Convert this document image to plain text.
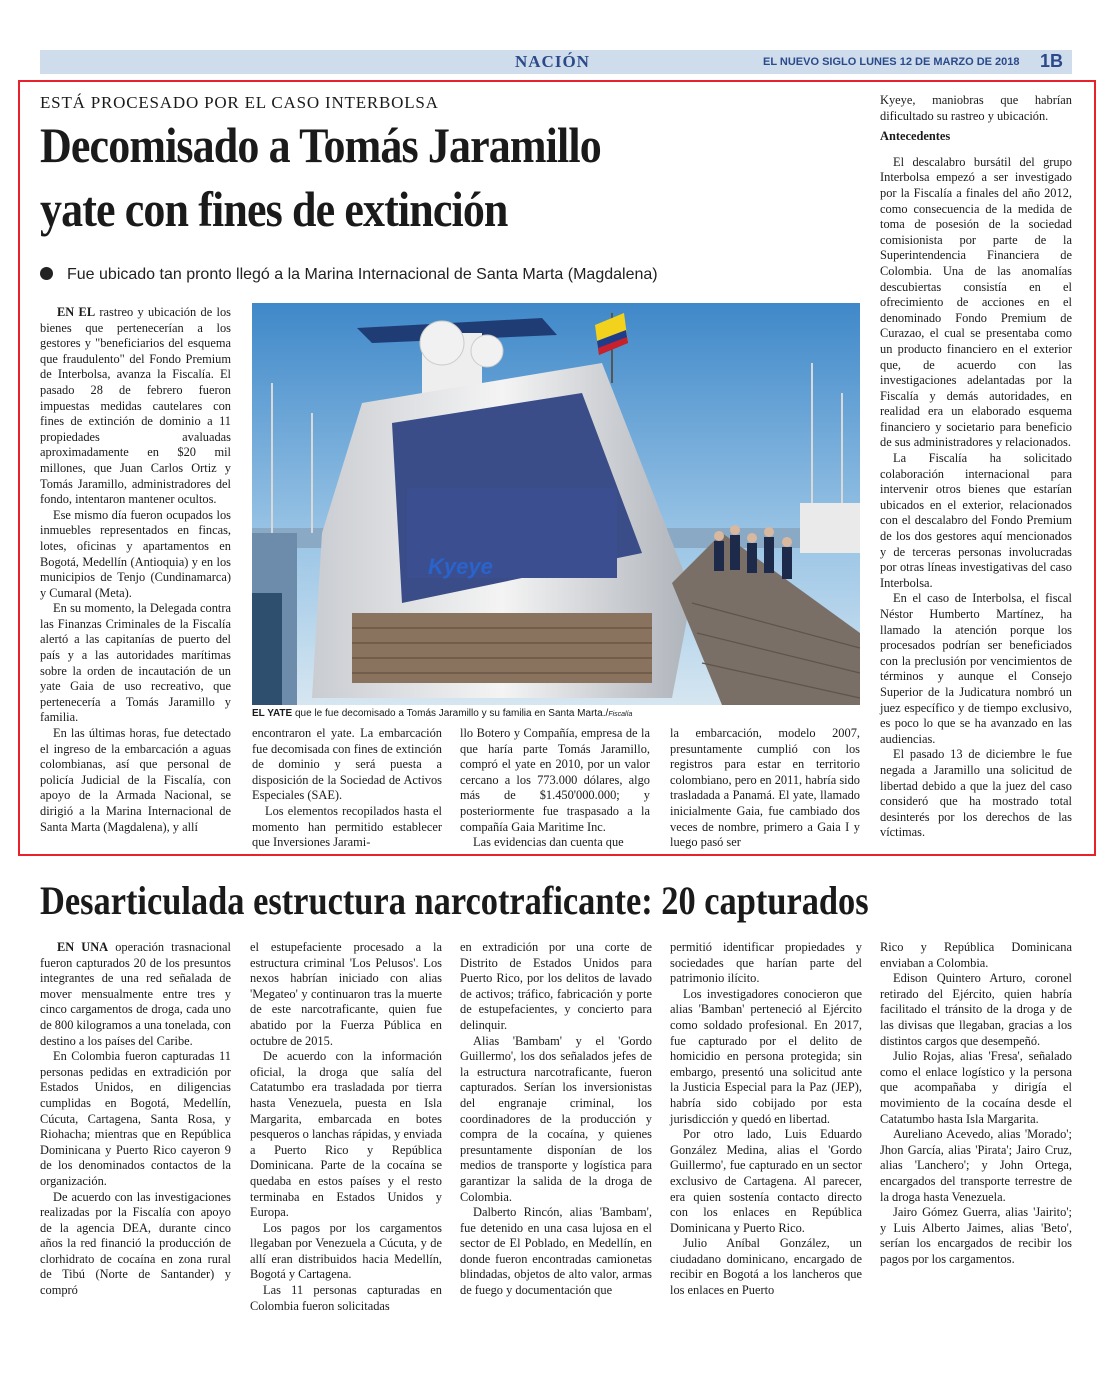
NACIÓN	EL NUEVO SIGLO LUNES 12 DE MARZO DE 2018 1B
ESTÁ PROCESADO POR EL CASO INTERBOLSA
Decomisado a Tomás Jaramillo
yate con fines de extinción
Fue ubicado tan pronto llegó a la Marina Internacional de Santa Marta (Magdalena)

EN EL rastreo y ubicación de los bienes que pertenecerían a los gestores y "beneficiarios del esquema que fraudulento" del Fondo Premium de Interbolsa, avanza la Fiscalía. El pasado 28 de febrero fueron impuestas medidas cautelares con fines de extinción de dominio a 11 propiedades avaluadas aproximadamente en $20 mil millones, que Juan Carlos Ortiz y Tomás Jaramillo, administradores del fondo, intentaron mantener ocultos.

Ese mismo día fueron ocupados los inmuebles representados en fincas, lotes, oficinas y apartamentos en Bogotá, Medellín (Antioquia) y en los municipios de Tenjo (Cundinamarca) y Cumaral (Meta).

En su momento, la Delegada contra las Finanzas Criminales de la Fiscalía alertó a las capitanías de puerto del país y a las autoridades marítimas sobre la orden de incautación de un yate Gaia de uso recreativo, que pertenecería a Tomás Jaramillo y familia.

En las últimas horas, fue detectado el ingreso de la embarcación a aguas colombianas, así que personal de policía Judicial de la Fiscalía, con apoyo de la Armada Nacional, se dirigió a la Marina Internacional de Santa Marta (Magdalena), y allí

Kyeye
EL YATE que le fue decomisado a Tomás Jaramillo y su familia en Santa Marta./Fiscalía

encontraron el yate. La embarcación fue decomisada con fines de extinción de dominio y será puesta a disposición de la Sociedad de Activos Especiales (SAE).

Los elementos recopilados hasta el momento han permitido establecer que Inversiones Jarami-

llo Botero y Compañía, empresa de la que haría parte Tomás Jaramillo, compró el yate en 2010, por un valor cercano a los 773.000 dólares, algo más de $1.450'000.000; y posteriormente fue traspasado a la compañía Gaia Maritime Inc.

Las evidencias dan cuenta que

la embarcación, modelo 2007, presuntamente cumplió con los registros para estar en territorio colombiano, pero en 2011, habría sido trasladada a Panamá. El yate, llamado inicialmente Gaia, fue cambiado dos veces de nombre, primero a Gaia I y luego pasó ser

Kyeye, maniobras que habrían dificultado su rastreo y ubicación.

Antecedentes

El descalabro bursátil del grupo Interbolsa empezó a ser investigado por la Fiscalía a finales del año 2012, como consecuencia de la medida de toma de posesión de la sociedad comisionista por parte de la Superintendencia Financiera de Colombia. Una de las anomalías descubiertas consistía en el ofrecimiento de acciones en el denominado Fondo Premium de Curazao, el cual se presentaba como un producto financiero en el exterior que, de acuerdo con las investigaciones adelantadas por la Fiscalía y demás autoridades, en realidad era un elaborado esquema financiero y societario para beneficio de sus administradores y relacionados.

La Fiscalía ha solicitado colaboración internacional para intervenir otros bienes que estarían ubicados en el exterior, relacionados con el descalabro del Fondo Premium de los dos gestores aquí mencionados y de terceras personas involucradas por otras líneas investigativas del caso Interbolsa.

En el caso de Interbolsa, el fiscal Néstor Humberto Martínez, ha llamado la atención porque los procesados podrían ser beneficiados con la preclusión por vencimientos de términos y aunque el Consejo Superior de la Judicatura nombró un juez específico y de tiempo exclusivo, es poco lo que se ha avanzado en las audiencias.

El pasado 13 de diciembre le fue negada a Jaramillo una solicitud de libertad debido a que la juez del caso consideró que ha mostrado total desinterés por los derechos de las víctimas.

Desarticulada estructura narcotraficante: 20 capturados

EN UNA operación trasnacional fueron capturados 20 de los presuntos integrantes de una red señalada de mover mensualmente entre tres y cinco cargamentos de droga, cada uno de 800 kilogramos a una tonelada, con destino a los países del Caribe.

En Colombia fueron capturadas 11 personas pedidas en extradición por Estados Unidos, en diligencias cumplidas en Bogotá, Medellín, Cúcuta, Cartagena, Santa Rosa, y Riohacha; mientras que en República Dominicana y Puerto Rico cayeron 9 de los denominados contactos de la organización.

De acuerdo con las investigaciones realizadas por la Fiscalía con apoyo de la agencia DEA, durante cinco años la red financió la producción de clorhidrato de cocaína en zona rural de Tibú (Norte de Santander) y compró

el estupefaciente procesado a la estructura criminal 'Los Pelusos'. Los nexos habrían iniciado con alias 'Megateo' y continuaron tras la muerte de este narcotraficante, quien fue abatido por la Fuerza Pública en octubre de 2015.

De acuerdo con la información oficial, la droga que salía del Catatumbo era trasladada por tierra hasta Venezuela, puesta en Isla Margarita, embarcada en botes pesqueros o lanchas rápidas, y enviada a Puerto Rico y República Dominicana. Parte de la cocaína se quedaba en estos países y el resto terminaba en Estados Unidos y Europa.

Los pagos por los cargamentos llegaban por Venezuela a Cúcuta, y de allí eran distribuidos hacia Medellín, Bogotá y Cartagena.

Las 11 personas capturadas en Colombia fueron solicitadas

en extradición por una corte de Distrito de Estados Unidos para Puerto Rico, por los delitos de lavado de activos; tráfico, fabricación y porte de estupefacientes, y concierto para delinquir.

Alias 'Bambam' y el 'Gordo Guillermo', los dos señalados jefes de la estructura narcotraficante, fueron capturados. Serían los inversionistas del engranaje criminal, los coordinadores de la producción y compra de la cocaína, y quienes presuntamente disponían de los medios de transporte y logística para garantizar la salida de la droga de Colombia.

Dalberto Rincón, alias 'Bambam', fue detenido en una casa lujosa en el sector de El Poblado, en Medellín, en donde fueron encontradas camionetas blindadas, objetos de alto valor, armas de fuego y documentación que

permitió identificar propiedades y sociedades que harían parte del patrimonio ilícito.

Los investigadores conocieron que alias 'Bamban' perteneció al Ejército como soldado profesional. En 2017, fue capturado por el delito de homicidio en persona protegida; sin embargo, presentó una solicitud ante la Justicia Especial para la Paz (JEP), habría sido cobijado por esta jurisdicción y quedó en libertad.

Por otro lado, Luis Eduardo González Medina, alias el 'Gordo Guillermo', fue capturado en un sector exclusivo de Cartagena. Al parecer, era quien sostenía contacto directo con los enlaces en República Dominicana y Puerto Rico.

Julio Aníbal González, un ciudadano dominicano, encargado de recibir en Bogotá a los lancheros que los enlaces en Puerto

Rico y República Dominicana enviaban a Colombia.

Edison Quintero Arturo, coronel retirado del Ejército, quien habría facilitado el tránsito de la droga y de las divisas que llegaban, gracias a los distintos cargos que desempeñó.

Julio Rojas, alias 'Fresa', señalado como el enlace logístico y la persona que acompañaba y dirigía el movimiento de la cocaína desde el Catatumbo hasta Isla Margarita.

Aureliano Acevedo, alias 'Morado'; Jhon García, alias 'Pirata'; Jairo Cruz, alias 'Lanchero'; y John Ortega, encargados del transporte terrestre de la droga hasta Venezuela.

Jairo Gómez Guerra, alias 'Jairito'; y Luis Alberto Jaimes, alias 'Beto', serían los encargados de recibir los pagos por los cargamentos.
